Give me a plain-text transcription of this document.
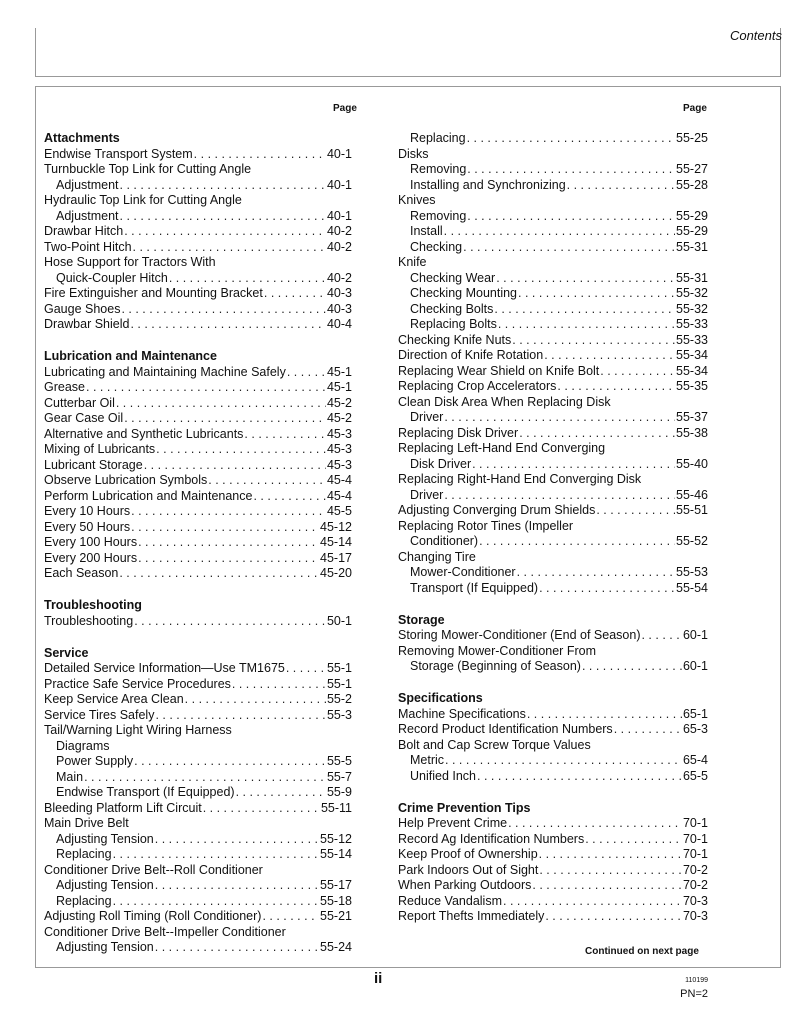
Contents

Page	Page

Attachments
Endwise Transport System . . .	40-1
Turnbuckle Top Link for Cutting Angle
Adjustment . . .	40-1
Hydraulic Top Link for Cutting Angle
Adjustment . . .	40-1
Drawbar Hitch . . .	40-2
Two-Point Hitch . . .	40-2
Hose Support for Tractors With
Quick-Coupler Hitch . . .	40-2
Fire Extinguisher and Mounting Bracket . . .	40-3
Gauge Shoes . . .	40-3
Drawbar Shield . . .	40-4
Lubrication and Maintenance
Lubricating and Maintaining Machine Safely . . .	45-1
Grease . . .	45-1
Cutterbar Oil . . .	45-2
Gear Case Oil . . .	45-2
Alternative and Synthetic Lubricants . . .	45-3
Mixing of Lubricants . . .	45-3
Lubricant Storage . . .	45-3
Observe Lubrication Symbols . . .	45-4
Perform Lubrication and Maintenance . . .	45-4
Every 10 Hours . . .	45-5
Every 50 Hours . . .	45-12
Every 100 Hours . . .	45-14
Every 200 Hours . . .	45-17
Each Season . . .	45-20
Troubleshooting
Troubleshooting . . .	50-1
Service
Detailed Service Information—Use TM1675 . . .	55-1
Practice Safe Service Procedures . . .	55-1
Keep Service Area Clean . . .	55-2
Service Tires Safely . . .	55-3
Tail/Warning Light Wiring Harness
Diagrams
Power Supply . . .	55-5
Main . . .	55-7
Endwise Transport (If Equipped) . . .	55-9
Bleeding Platform Lift Circuit . . .	55-11
Main Drive Belt
Adjusting Tension . . .	55-12
Replacing . . .	55-14
Conditioner Drive Belt--Roll Conditioner
Adjusting Tension . . .	55-17
Replacing . . .	55-18
Adjusting Roll Timing (Roll Conditioner) . . .	55-21
Conditioner Drive Belt--Impeller Conditioner
Adjusting Tension . . .	55-24
Replacing . . .	55-25
Disks
Removing . . .	55-27
Installing and Synchronizing . . .	55-28
Knives
Removing . . .	55-29
Install . . .	55-29
Checking . . .	55-31
Knife
Checking Wear . . .	55-31
Checking Mounting . . .	55-32
Checking Bolts . . .	55-32
Replacing Bolts . . .	55-33
Checking Knife Nuts . . .	55-33
Direction of Knife Rotation . . .	55-34
Replacing Wear Shield on Knife Bolt . . .	55-34
Replacing Crop Accelerators . . .	55-35
Clean Disk Area When Replacing Disk
Driver . . .	55-37
Replacing Disk Driver . . .	55-38
Replacing Left-Hand End Converging
Disk Driver . . .	55-40
Replacing Right-Hand End Converging Disk
Driver . . .	55-46
Adjusting Converging Drum Shields . . .	55-51
Replacing Rotor Tines (Impeller
Conditioner) . . .	55-52
Changing Tire
Mower-Conditioner . . .	55-53
Transport (If Equipped) . . .	55-54
Storage
Storing Mower-Conditioner (End of Season) . . .	60-1
Removing Mower-Conditioner From
Storage (Beginning of Season) . . .	60-1
Specifications
Machine Specifications . . .	65-1
Record Product Identification Numbers . . .	65-3
Bolt and Cap Screw Torque Values
Metric . . .	65-4
Unified Inch . . .	65-5
Crime Prevention Tips
Help Prevent Crime . . .	70-1
Record Ag Identification Numbers . . .	70-1
Keep Proof of Ownership . . .	70-1
Park Indoors Out of Sight . . .	70-2
When Parking Outdoors . . .	70-2
Reduce Vandalism . . .	70-3
Report Thefts Immediately . . .	70-3

Continued on next page

ii	110199

PN=2
